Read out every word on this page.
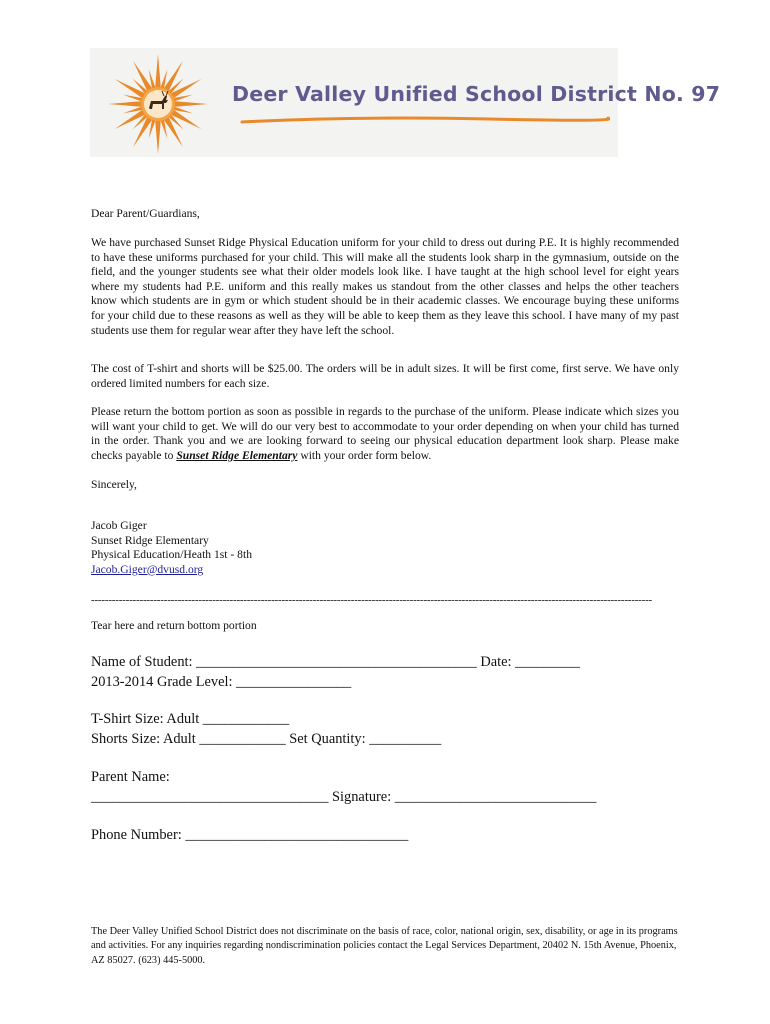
Deer Valley Unified School District No. 97
Dear Parent/Guardians,

We have purchased Sunset Ridge Physical Education uniform for your child to dress out during P.E. It is highly recommended to have these uniforms purchased for your child. This will make all the students look sharp in the gymnasium, outside on the field, and the younger students see what their older models look like. I have taught at the high school level for eight years where my students had P.E. uniform and this really makes us standout from the other classes and helps the other teachers know which students are in gym or which student should be in their academic classes. We encourage buying these uniforms for your child due to these reasons as well as they will be able to keep them as they leave this school. I have many of my past students use them for regular wear after they have left the school.

The cost of T-shirt and shorts will be $25.00. The orders will be in adult sizes. It will be first come, first serve. We have only ordered limited numbers for each size.

Please return the bottom portion as soon as possible in regards to the purchase of the uniform. Please indicate which sizes you will want your child to get. We will do our very best to accommodate to your order depending on when your child has turned in the order. Thank you and we are looking forward to seeing our physical education department look sharp. Please make checks payable to Sunset Ridge Elementary with your order form below.

Sincerely,
Jacob Giger
Sunset Ridge Elementary
Physical Education/Heath 1st - 8th
Jacob.Giger@dvusd.org
------------------------------------------------------------------------------------------------------------------------------------------------------------------
Tear here and return bottom portion
Name of Student: _______________________________________ Date: _________
2013-2014 Grade Level: ________________
T-Shirt Size: Adult ____________
Shorts Size: Adult ____________ Set Quantity: __________
Parent Name:
_________________________________ Signature: ____________________________
Phone Number: _______________________________
The Deer Valley Unified School District does not discriminate on the basis of race, color, national origin, sex, disability, or age in its programs and activities. For any inquiries regarding nondiscrimination policies contact the Legal Services Department, 20402 N. 15th Avenue, Phoenix, AZ 85027. (623) 445-5000.
